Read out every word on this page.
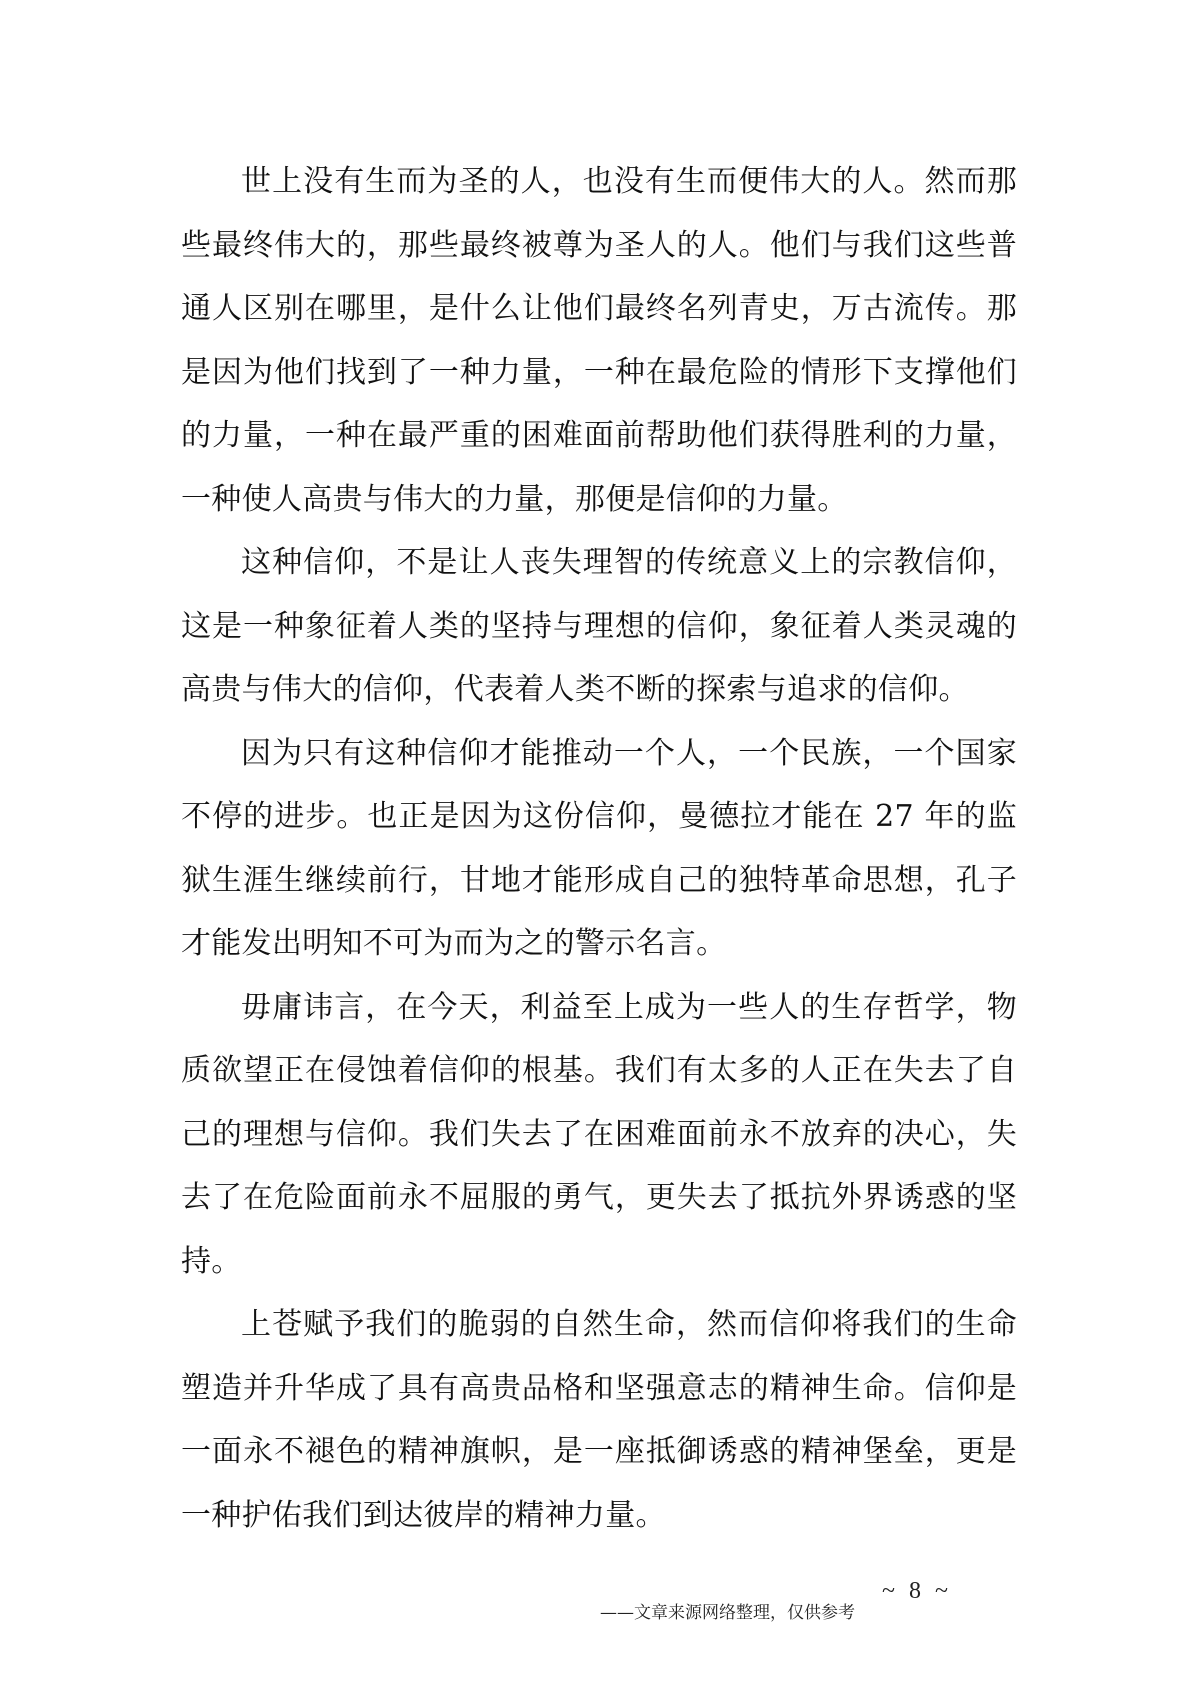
世上没有生而为圣的人，也没有生而便伟大的人。然而那些最终伟大的，那些最终被尊为圣人的人。他们与我们这些普通人区别在哪里，是什么让他们最终名列青史，万古流传。那是因为他们找到了一种力量，一种在最危险的情形下支撑他们的力量，一种在最严重的困难面前帮助他们获得胜利的力量，一种使人高贵与伟大的力量，那便是信仰的力量。

这种信仰，不是让人丧失理智的传统意义上的宗教信仰，这是一种象征着人类的坚持与理想的信仰，象征着人类灵魂的高贵与伟大的信仰，代表着人类不断的探索与追求的信仰。

因为只有这种信仰才能推动一个人，一个民族，一个国家不停的进步。也正是因为这份信仰，曼德拉才能在 27 年的监狱生涯生继续前行，甘地才能形成自己的独特革命思想，孔子才能发出明知不可为而为之的警示名言。

毋庸讳言，在今天，利益至上成为一些人的生存哲学，物质欲望正在侵蚀着信仰的根基。我们有太多的人正在失去了自己的理想与信仰。我们失去了在困难面前永不放弃的决心，失去了在危险面前永不屈服的勇气，更失去了抵抗外界诱惑的坚持。

上苍赋予我们的脆弱的自然生命，然而信仰将我们的生命塑造并升华成了具有高贵品格和坚强意志的精神生命。信仰是一面永不褪色的精神旗帜，是一座抵御诱惑的精神堡垒，更是一种护佑我们到达彼岸的精神力量。

——文章来源网络整理，仅供参考
~ 8 ~
